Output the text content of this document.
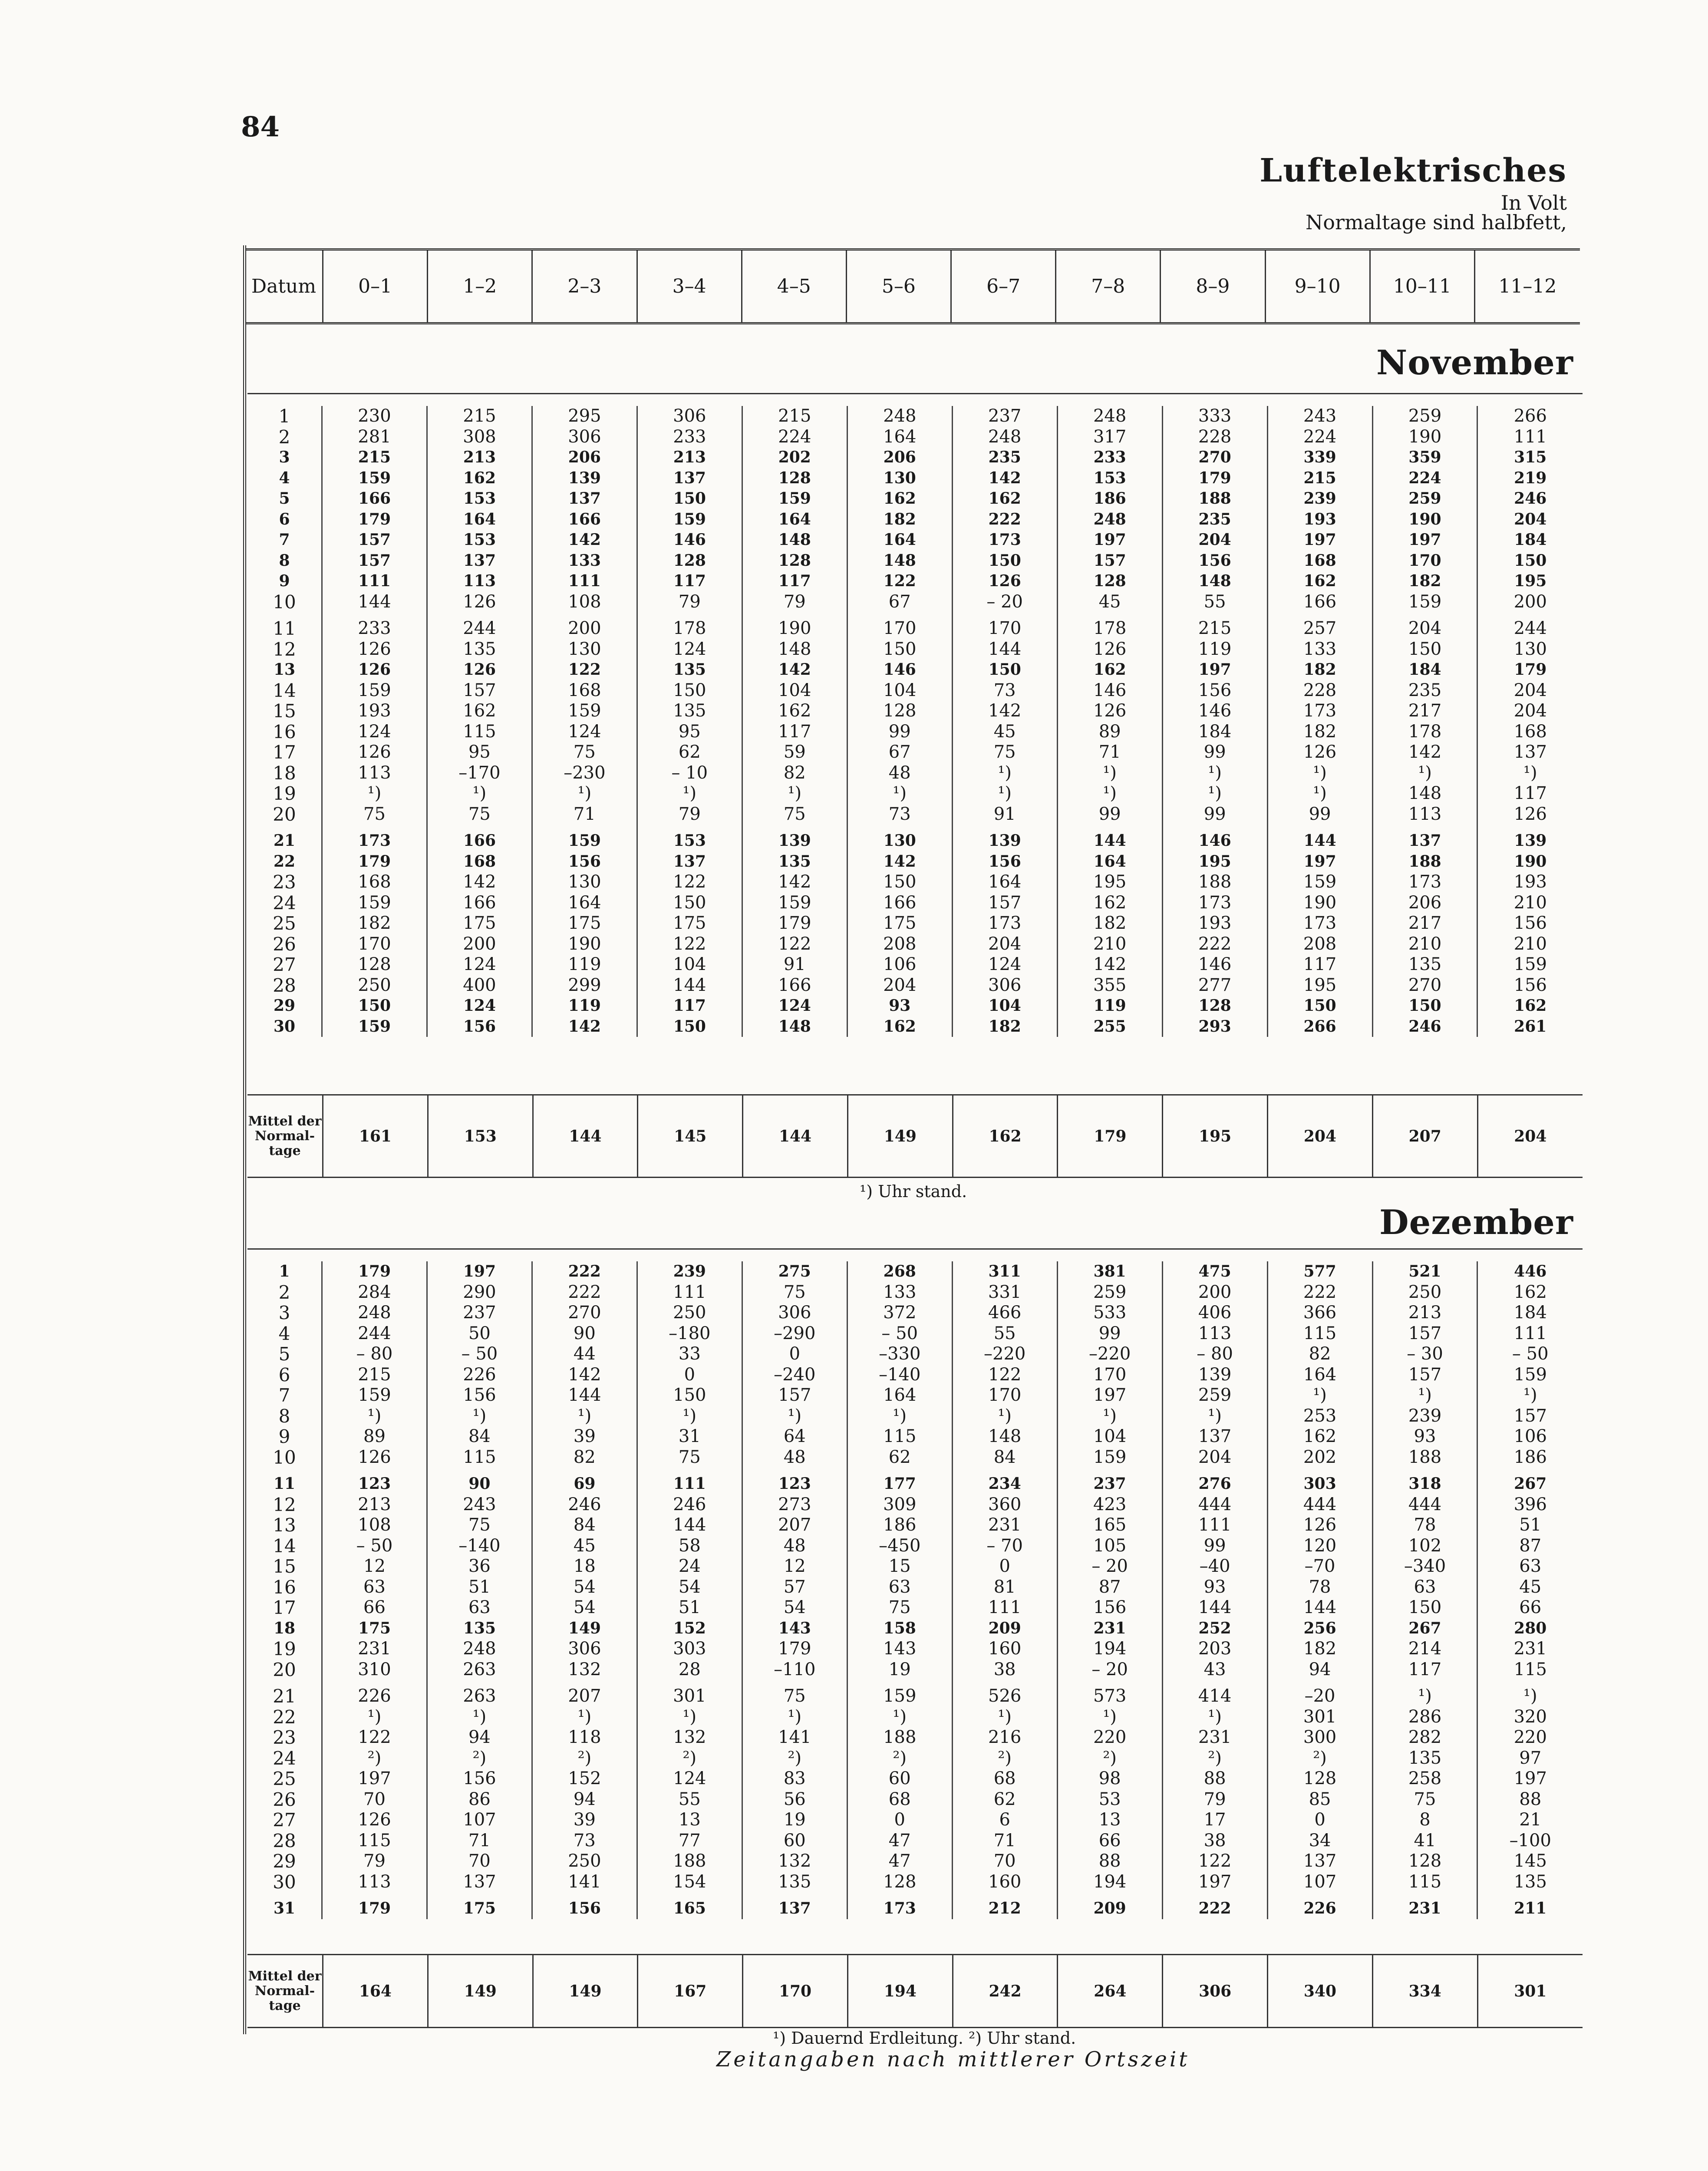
84
Luftelektrisches
In Volt
Normaltage sind halbfett,
Datum	0–1	1–2	2–3	3–4	4–5	5–6	6–7	7–8	8–9	9–10	10–11	11–12
November
1	230	215	295	306	215	248	237	248	333	243	259	266
2	281	308	306	233	224	164	248	317	228	224	190	111
3	215	213	206	213	202	206	235	233	270	339	359	315
4	159	162	139	137	128	130	142	153	179	215	224	219
5	166	153	137	150	159	162	162	186	188	239	259	246
6	179	164	166	159	164	182	222	248	235	193	190	204
7	157	153	142	146	148	164	173	197	204	197	197	184
8	157	137	133	128	128	148	150	157	156	168	170	150
9	111	113	111	117	117	122	126	128	148	162	182	195
10	144	126	108	79	79	67	– 20	45	55	166	159	200
11	233	244	200	178	190	170	170	178	215	257	204	244
12	126	135	130	124	148	150	144	126	119	133	150	130
13	126	126	122	135	142	146	150	162	197	182	184	179
14	159	157	168	150	104	104	73	146	156	228	235	204
15	193	162	159	135	162	128	142	126	146	173	217	204
16	124	115	124	95	117	99	45	89	184	182	178	168
17	126	95	75	62	59	67	75	71	99	126	142	137
18	113	–170	–230	– 10	82	48	¹)	¹)	¹)	¹)	¹)	¹)
19	¹)	¹)	¹)	¹)	¹)	¹)	¹)	¹)	¹)	¹)	148	117
20	75	75	71	79	75	73	91	99	99	99	113	126
21	173	166	159	153	139	130	139	144	146	144	137	139
22	179	168	156	137	135	142	156	164	195	197	188	190
23	168	142	130	122	142	150	164	195	188	159	173	193
24	159	166	164	150	159	166	157	162	173	190	206	210
25	182	175	175	175	179	175	173	182	193	173	217	156
26	170	200	190	122	122	208	204	210	222	208	210	210
27	128	124	119	104	91	106	124	142	146	117	135	159
28	250	400	299	144	166	204	306	355	277	195	270	156
29	150	124	119	117	124	93	104	119	128	150	150	162
30	159	156	142	150	148	162	182	255	293	266	246	261
Mittel der Normal-tage	161	153	144	145	144	149	162	179	195	204	207	204
¹) Uhr stand.
Dezember
1	179	197	222	239	275	268	311	381	475	577	521	446
2	284	290	222	111	75	133	331	259	200	222	250	162
3	248	237	270	250	306	372	466	533	406	366	213	184
4	244	50	90	–180	–290	– 50	55	99	113	115	157	111
5	– 80	– 50	44	33	0	–330	–220	–220	– 80	82	– 30	– 50
6	215	226	142	0	–240	–140	122	170	139	164	157	159
7	159	156	144	150	157	164	170	197	259	¹)	¹)	¹)
8	¹)	¹)	¹)	¹)	¹)	¹)	¹)	¹)	¹)	253	239	157
9	89	84	39	31	64	115	148	104	137	162	93	106
10	126	115	82	75	48	62	84	159	204	202	188	186
11	123	90	69	111	123	177	234	237	276	303	318	267
12	213	243	246	246	273	309	360	423	444	444	444	396
13	108	75	84	144	207	186	231	165	111	126	78	51
14	– 50	–140	45	58	48	–450	– 70	105	99	120	102	87
15	12	36	18	24	12	15	0	– 20	–40	–70	–340	63
16	63	51	54	54	57	63	81	87	93	78	63	45
17	66	63	54	51	54	75	111	156	144	144	150	66
18	175	135	149	152	143	158	209	231	252	256	267	280
19	231	248	306	303	179	143	160	194	203	182	214	231
20	310	263	132	28	–110	19	38	– 20	43	94	117	115
21	226	263	207	301	75	159	526	573	414	–20	¹)	¹)
22	¹)	¹)	¹)	¹)	¹)	¹)	¹)	¹)	¹)	301	286	320
23	122	94	118	132	141	188	216	220	231	300	282	220
24	²)	²)	²)	²)	²)	²)	²)	²)	²)	²)	135	97
25	197	156	152	124	83	60	68	98	88	128	258	197
26	70	86	94	55	56	68	62	53	79	85	75	88
27	126	107	39	13	19	0	6	13	17	0	8	21
28	115	71	73	77	60	47	71	66	38	34	41	–100
29	79	70	250	188	132	47	70	88	122	137	128	145
30	113	137	141	154	135	128	160	194	197	107	115	135
31	179	175	156	165	137	173	212	209	222	226	231	211
Mittel der Normal-tage	164	149	149	167	170	194	242	264	306	340	334	301
¹) Dauernd Erdleitung. ²) Uhr stand.
Zeitangaben nach mittlerer Ortszeit
